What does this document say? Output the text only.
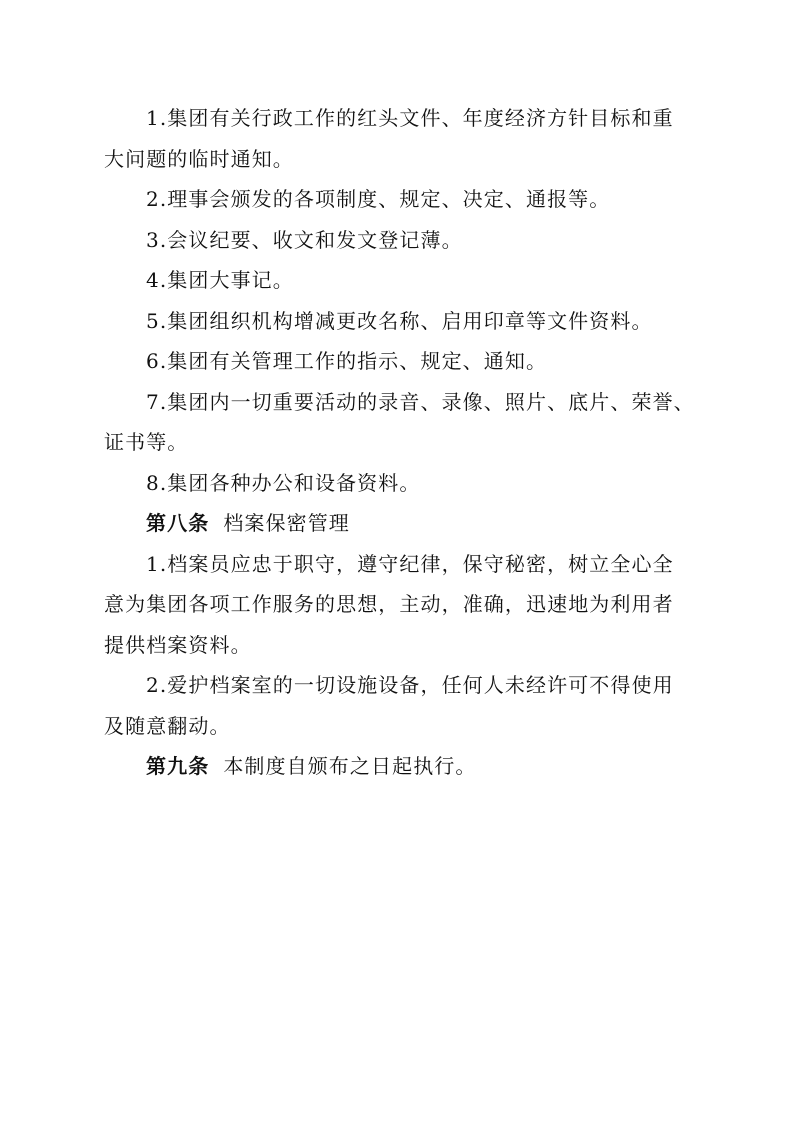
1.集团有关行政工作的红头文件、年度经济方针目标和重
大问题的临时通知。
2.理事会颁发的各项制度、规定、决定、通报等。
3.会议纪要、收文和发文登记薄。
4.集团大事记。
5.集团组织机构增减更改名称、启用印章等文件资料。
6.集团有关管理工作的指示、规定、通知。
7.集团内一切重要活动的录音、录像、照片、底片、荣誉、
证书等。
8.集团各种办公和设备资料。
第八条 档案保密管理
1.档案员应忠于职守，遵守纪律，保守秘密，树立全心全
意为集团各项工作服务的思想，主动，准确，迅速地为利用者
提供档案资料。
2.爱护档案室的一切设施设备，任何人未经许可不得使用
及随意翻动。
第九条 本制度自颁布之日起执行。
